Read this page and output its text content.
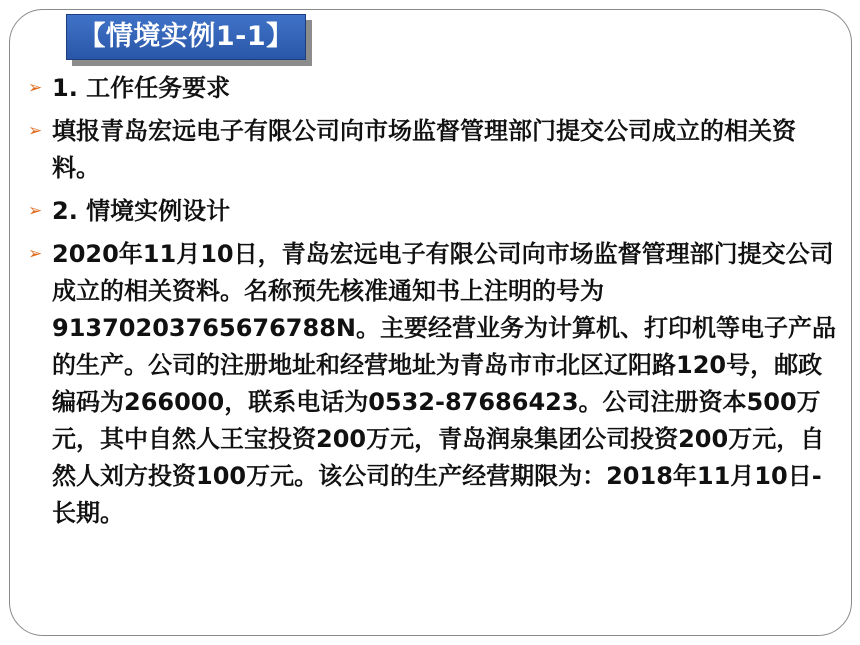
【情境实例1-1】
➢ 1. 工作任务要求
➢ 填报青岛宏远电子有限公司向市场监督管理部门提交公司成立的相关资料。
➢ 2. 情境实例设计
➢ 2020年11月10日，青岛宏远电子有限公司向市场监督管理部门提交公司成立的相关资料。名称预先核准通知书上注明的号为91370203765676788N。主要经营业务为计算机、打印机等电子产品的生产。公司的注册地址和经营地址为青岛市市北区辽阳路120号，邮政编码为266000，联系电话为0532-87686423。公司注册资本500万元，其中自然人王宝投资200万元，青岛润泉集团公司投资200万元，自然人刘方投资100万元。该公司的生产经营期限为：2018年11月10日-长期。
